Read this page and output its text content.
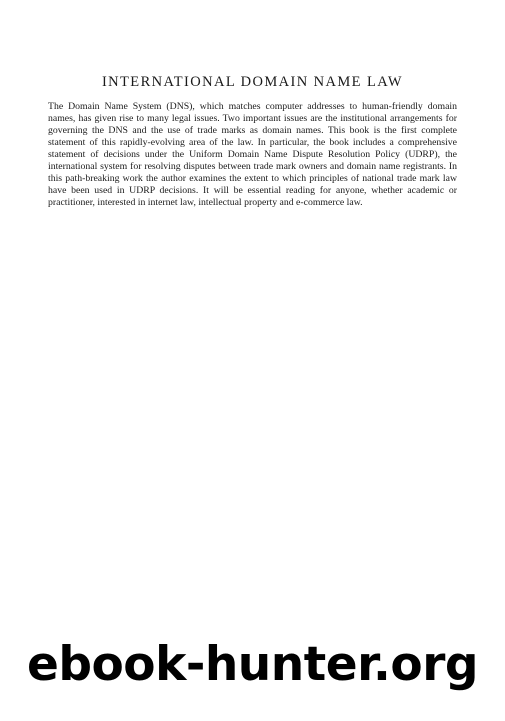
INTERNATIONAL DOMAIN NAME LAW

The Domain Name System (DNS), which matches computer addresses to human-friendly domain names, has given rise to many legal issues. Two important issues are the institutional arrangements for governing the DNS and the use of trade marks as domain names. This book is the first complete statement of this rapidly-evolving area of the law. In particular, the book includes a comprehensive statement of decisions under the Uniform Domain Name Dispute Resolution Policy (UDRP), the international system for resolving disputes between trade mark owners and domain name registrants. In this path-breaking work the author examines the extent to which principles of national trade mark law have been used in UDRP decisions. It will be essential reading for anyone, whether academic or practitioner, interested in internet law, intellectual property and e-commerce law.

ebook-hunter.org
